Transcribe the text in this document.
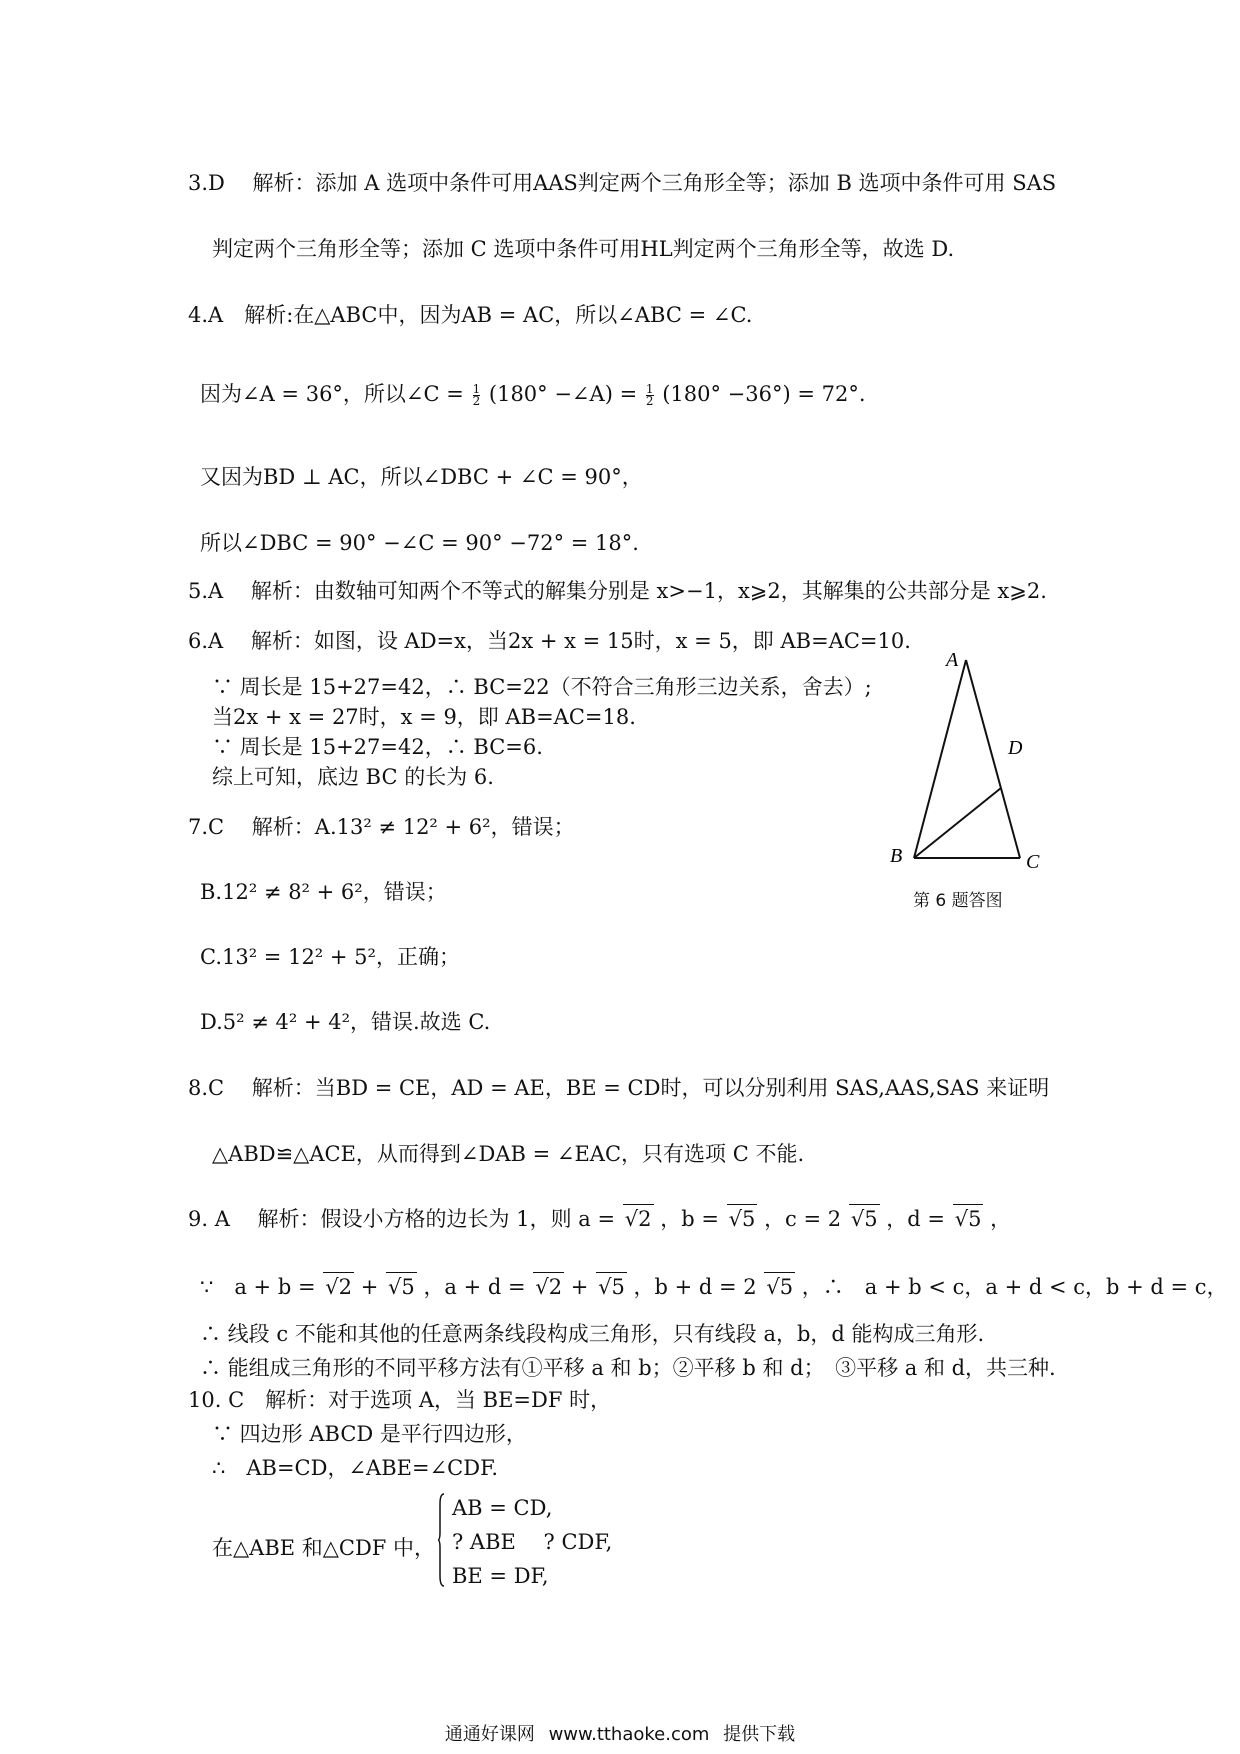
3.D　 解析：添加 A 选项中条件可用AAS判定两个三角形全等；添加 B 选项中条件可用 SAS
判定两个三角形全等；添加 C 选项中条件可用HL判定两个三角形全等，故选 D.
4.A　解析:在△ABC中，因为AB = AC，所以∠ABC = ∠C.
因为∠A = 36°，所以∠C = $\frac{1}{2} (180^\circ$ −∠A) = $\frac{1}{2} (180^\circ -36^\circ) = 72^\circ$.
又因为BD ⊥ AC，所以∠DBC + ∠C = 90°，
所以∠DBC = 90° −∠C = 90° −72° = 18°.
5.A　 解析：由数轴可知两个不等式的解集分别是 x>−1，x⩾2，其解集的公共部分是 x⩾2.
6.A　 解析：如图，设 AD=x，当2x + x = 15时，x = 5，即 AB=AC=10.
∵ 周长是 15+27=42，∴ BC=22（不符合三角形三边关系，舍去）;
当2x + x = 27时，x = 9，即 AB=AC=18.
∵ 周长是 15+27=42，∴ BC=6.
综上可知，底边 BC 的长为 6.
A
B	C
D
第 6 题答图
7.C　 解析：A.13² ≠ 12² + 6²，错误；
B.12² ≠ 8² + 6²，错误；
C.13² = 12² + 5²，正确；
D.5² ≠ 4² + 4²，错误.故选 C.
8.C　 解析：当BD = CE，AD = AE，BE = CD时，可以分别利用 SAS,AAS,SAS 来证明
△ABD≌△ACE，从而得到∠DAB = ∠EAC，只有选项 C 不能.
9. A　 解析：假设小方格的边长为 1，则 a = √2 ，b = √5 ，c = 2 √5 ，d = √5 ，
∵　a + b = √2 + √5 ，a + d = √2 + √5 ，b + d = 2 √5 ，∴　a + b < c，a + d < c，b + d = c，
∴ 线段 c 不能和其他的任意两条线段构成三角形，只有线段 a，b，d 能构成三角形.
∴ 能组成三角形的不同平移方法有①平移 a 和 b；②平移 b 和 d；　③平移 a 和 d，共三种.
10. C　解析：对于选项 A，当 BE=DF 时，
∵ 四边形 ABCD 是平行四边形，
∴　AB=CD，∠ABE=∠CDF.
在△ABE 和△CDF 中，
AB = CD,
? ABE　 ? CDF,
BE = DF,
通通好课网 www.tthaoke.com 提供下载
